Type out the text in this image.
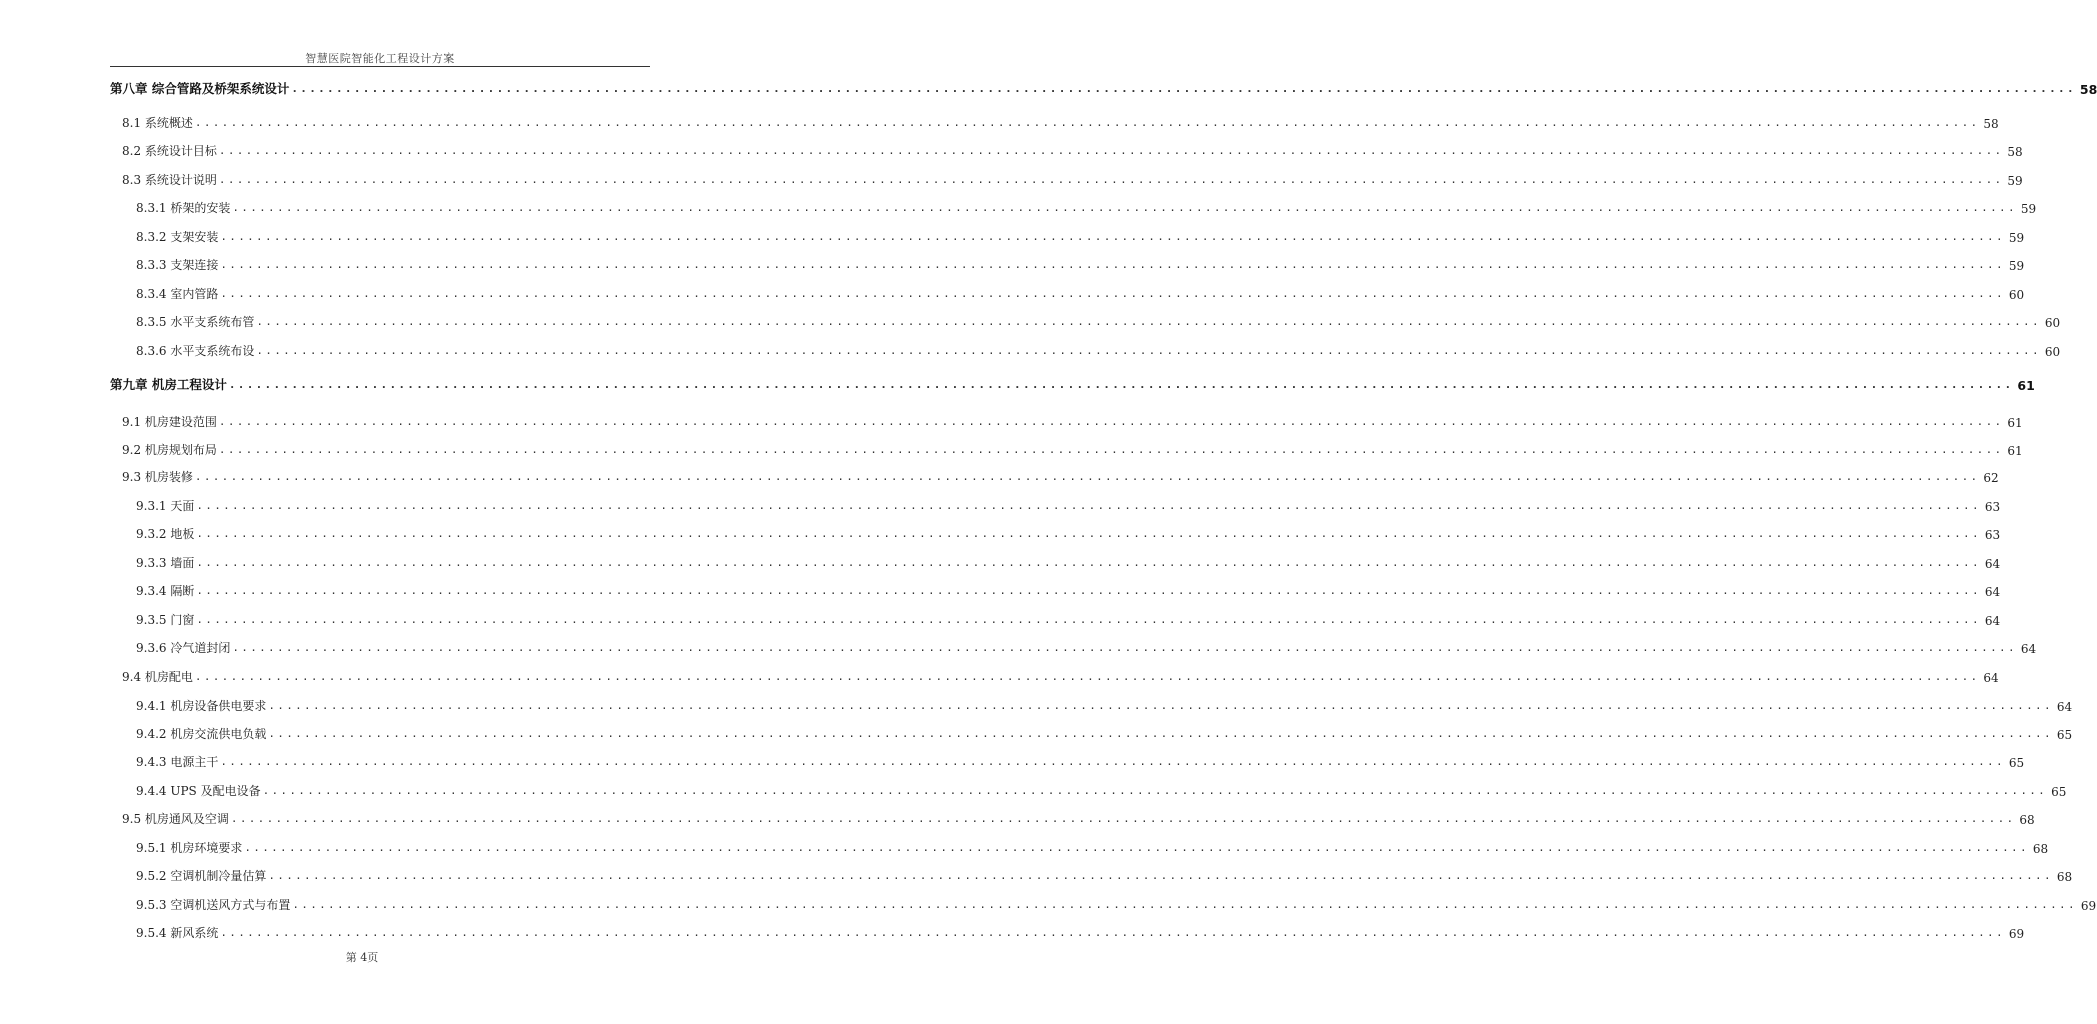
智慧医院智能化工程设计方案
第八章 综合管路及桥架系统设计 ........................................................................................................................................................................................................ 58
8.1 系统概述 ........................................................................................................................................................................................................ 58
8.2 系统设计目标 ........................................................................................................................................................................................................ 58
8.3 系统设计说明 ........................................................................................................................................................................................................ 59
8.3.1 桥架的安装 ........................................................................................................................................................................................................ 59
8.3.2 支架安装 ........................................................................................................................................................................................................ 59
8.3.3 支架连接 ........................................................................................................................................................................................................ 59
8.3.4 室内管路 ........................................................................................................................................................................................................ 60
8.3.5 水平支系统布管 ........................................................................................................................................................................................................ 60
8.3.6 水平支系统布设 ........................................................................................................................................................................................................ 60
第九章 机房工程设计 ........................................................................................................................................................................................................ 61
9.1 机房建设范围 ........................................................................................................................................................................................................ 61
9.2 机房规划布局 ........................................................................................................................................................................................................ 61
9.3 机房装修 ........................................................................................................................................................................................................ 62
9.3.1 天面 ........................................................................................................................................................................................................ 63
9.3.2 地板 ........................................................................................................................................................................................................ 63
9.3.3 墙面 ........................................................................................................................................................................................................ 64
9.3.4 隔断 ........................................................................................................................................................................................................ 64
9.3.5 门窗 ........................................................................................................................................................................................................ 64
9.3.6 冷气道封闭 ........................................................................................................................................................................................................ 64
9.4 机房配电 ........................................................................................................................................................................................................ 64
9.4.1 机房设备供电要求 ........................................................................................................................................................................................................ 64
9.4.2 机房交流供电负载 ........................................................................................................................................................................................................ 65
9.4.3 电源主干 ........................................................................................................................................................................................................ 65
9.4.4 UPS 及配电设备 ........................................................................................................................................................................................................ 65
9.5 机房通风及空调 ........................................................................................................................................................................................................ 68
9.5.1 机房环境要求 ........................................................................................................................................................................................................ 68
9.5.2 空调机制冷量估算 ........................................................................................................................................................................................................ 68
9.5.3 空调机送风方式与布置 ........................................................................................................................................................................................................ 69
9.5.4 新风系统 ........................................................................................................................................................................................................ 69
第 4页
